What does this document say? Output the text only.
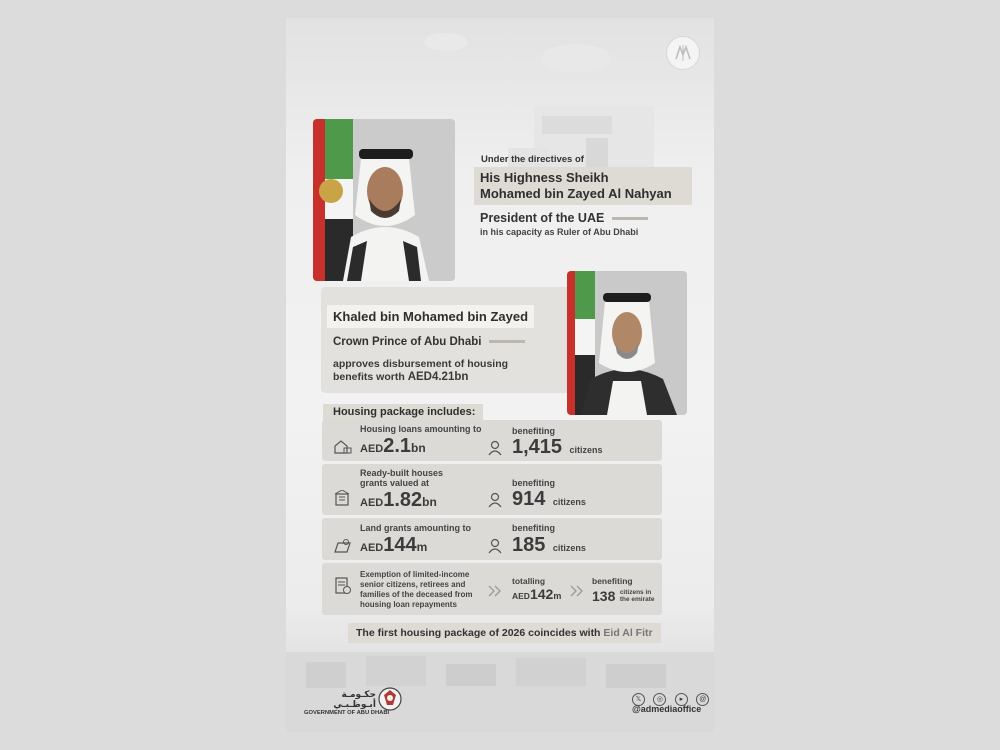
Under the directives of
His Highness Sheikh
Mohamed bin Zayed Al Nahyan
President of the UAE
in his capacity as Ruler of Abu Dhabi
Khaled bin Mohamed bin Zayed
Crown Prince of Abu Dhabi
approves disbursement of housing
benefits worth AED4.21bn
Housing package includes:
Housing loans amounting to
AED2.1bn
benefiting
1,415 citizens
Ready-built houses
grants valued at
AED1.82bn
benefiting
914 citizens
Land grants amounting to
AED144m
benefiting
185 citizens
Exemption of limited-income
senior citizens, retirees and
families of the deceased from
housing loan repayments
totalling
AED142m
benefiting
138 citizens in
the emirate
The first housing package of 2026 coincides with Eid Al Fitr
حكـومـة أبـوظـبـي
GOVERNMENT OF ABU DHABI
𝕏 ◎ ▸ @
@admediaoffice
